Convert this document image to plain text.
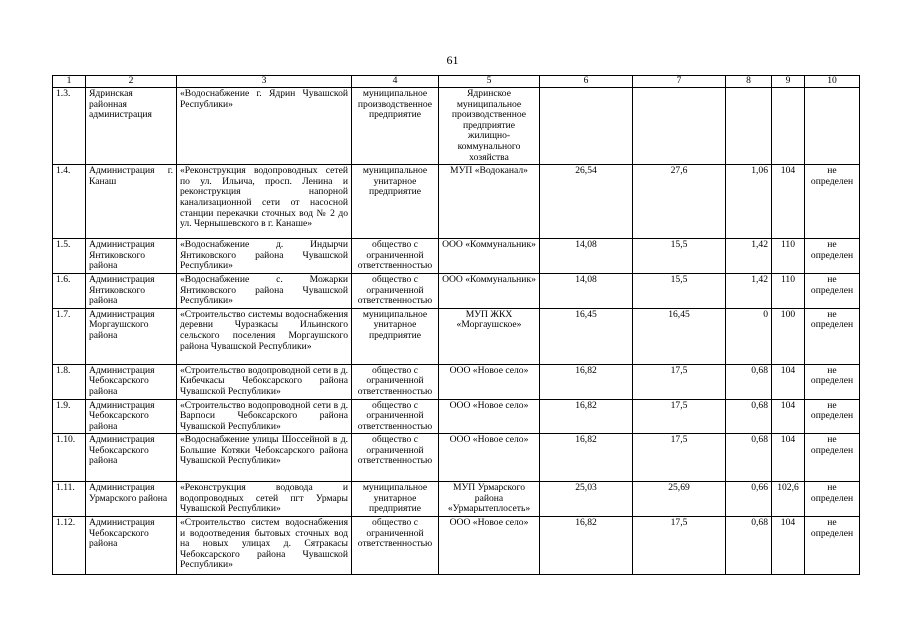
61
1	2	3	4	5	6	7	8	9	10
1.3.	Ядринская районная администрация	«Водоснабжение г. Ядрин Чувашской Республики»	муниципальное производственное предприятие	Ядринское муниципальное производственное предприятие жилищно-коммунального хозяйства					
1.4.	Администрация г. Канаш	«Реконструкция водопроводных сетей по ул. Ильича, просп. Ленина и реконструкция напорной канализационной сети от насосной станции перекачки сточных вод № 2 до ул. Чернышевского в г. Канаше»	муниципальное унитарное предприятие	МУП «Водоканал»	26,54	27,6	1,06	104	не определен
1.5.	Администрация Янтиковского района	«Водоснабжение д. Индырчи Янтиковского района Чувашской Республики»	общество с ограниченной ответственностью	ООО «Коммунальник»	14,08	15,5	1,42	110	не определен
1.6.	Администрация Янтиковского района	«Водоснабжение с. Можарки Янтиковского района Чувашской Республики»	общество с ограниченной ответственностью	ООО «Коммунальник»	14,08	15,5	1,42	110	не определен
1.7.	Администрация Моргаушского района	«Строительство системы водоснабжения деревни Чуразкасы Ильинского сельского поселения Моргаушского района Чувашской Республики»	муниципальное унитарное предприятие	МУП ЖКХ «Моргаушское»	16,45	16,45	0	100	не определен
1.8.	Администрация Чебоксарского района	«Строительство водопроводной сети в д. Кибечкасы Чебоксарского района Чувашской Республики»	общество с ограниченной ответственностью	ООО «Новое село»	16,82	17,5	0,68	104	не определен
1.9.	Администрация Чебоксарского района	«Строительство водопроводной сети в д. Варпоси Чебоксарского района Чувашской Республики»	общество с ограниченной ответственностью	ООО «Новое село»	16,82	17,5	0,68	104	не определен
1.10.	Администрация Чебоксарского района	«Водоснабжение улицы Шоссейной в д. Большие Котяки Чебоксарского района Чувашской Республики»	общество с ограниченной ответственностью	ООО «Новое село»	16,82	17,5	0,68	104	не определен
1.11.	Администрация Урмарского района	«Реконструкция водовода и водопроводных сетей пгт Урмары Чувашской Республики»	муниципальное унитарное предприятие	МУП Урмарского района «Урмарытеплосеть»	25,03	25,69	0,66	102,6	не определен
1.12.	Администрация Чебоксарского района	«Строительство систем водоснабжения и водоотведения бытовых сточных вод на новых улицах д. Сятракасы Чебоксарского района Чувашской Республики»	общество с ограниченной ответственностью	ООО «Новое село»	16,82	17,5	0,68	104	не определен
